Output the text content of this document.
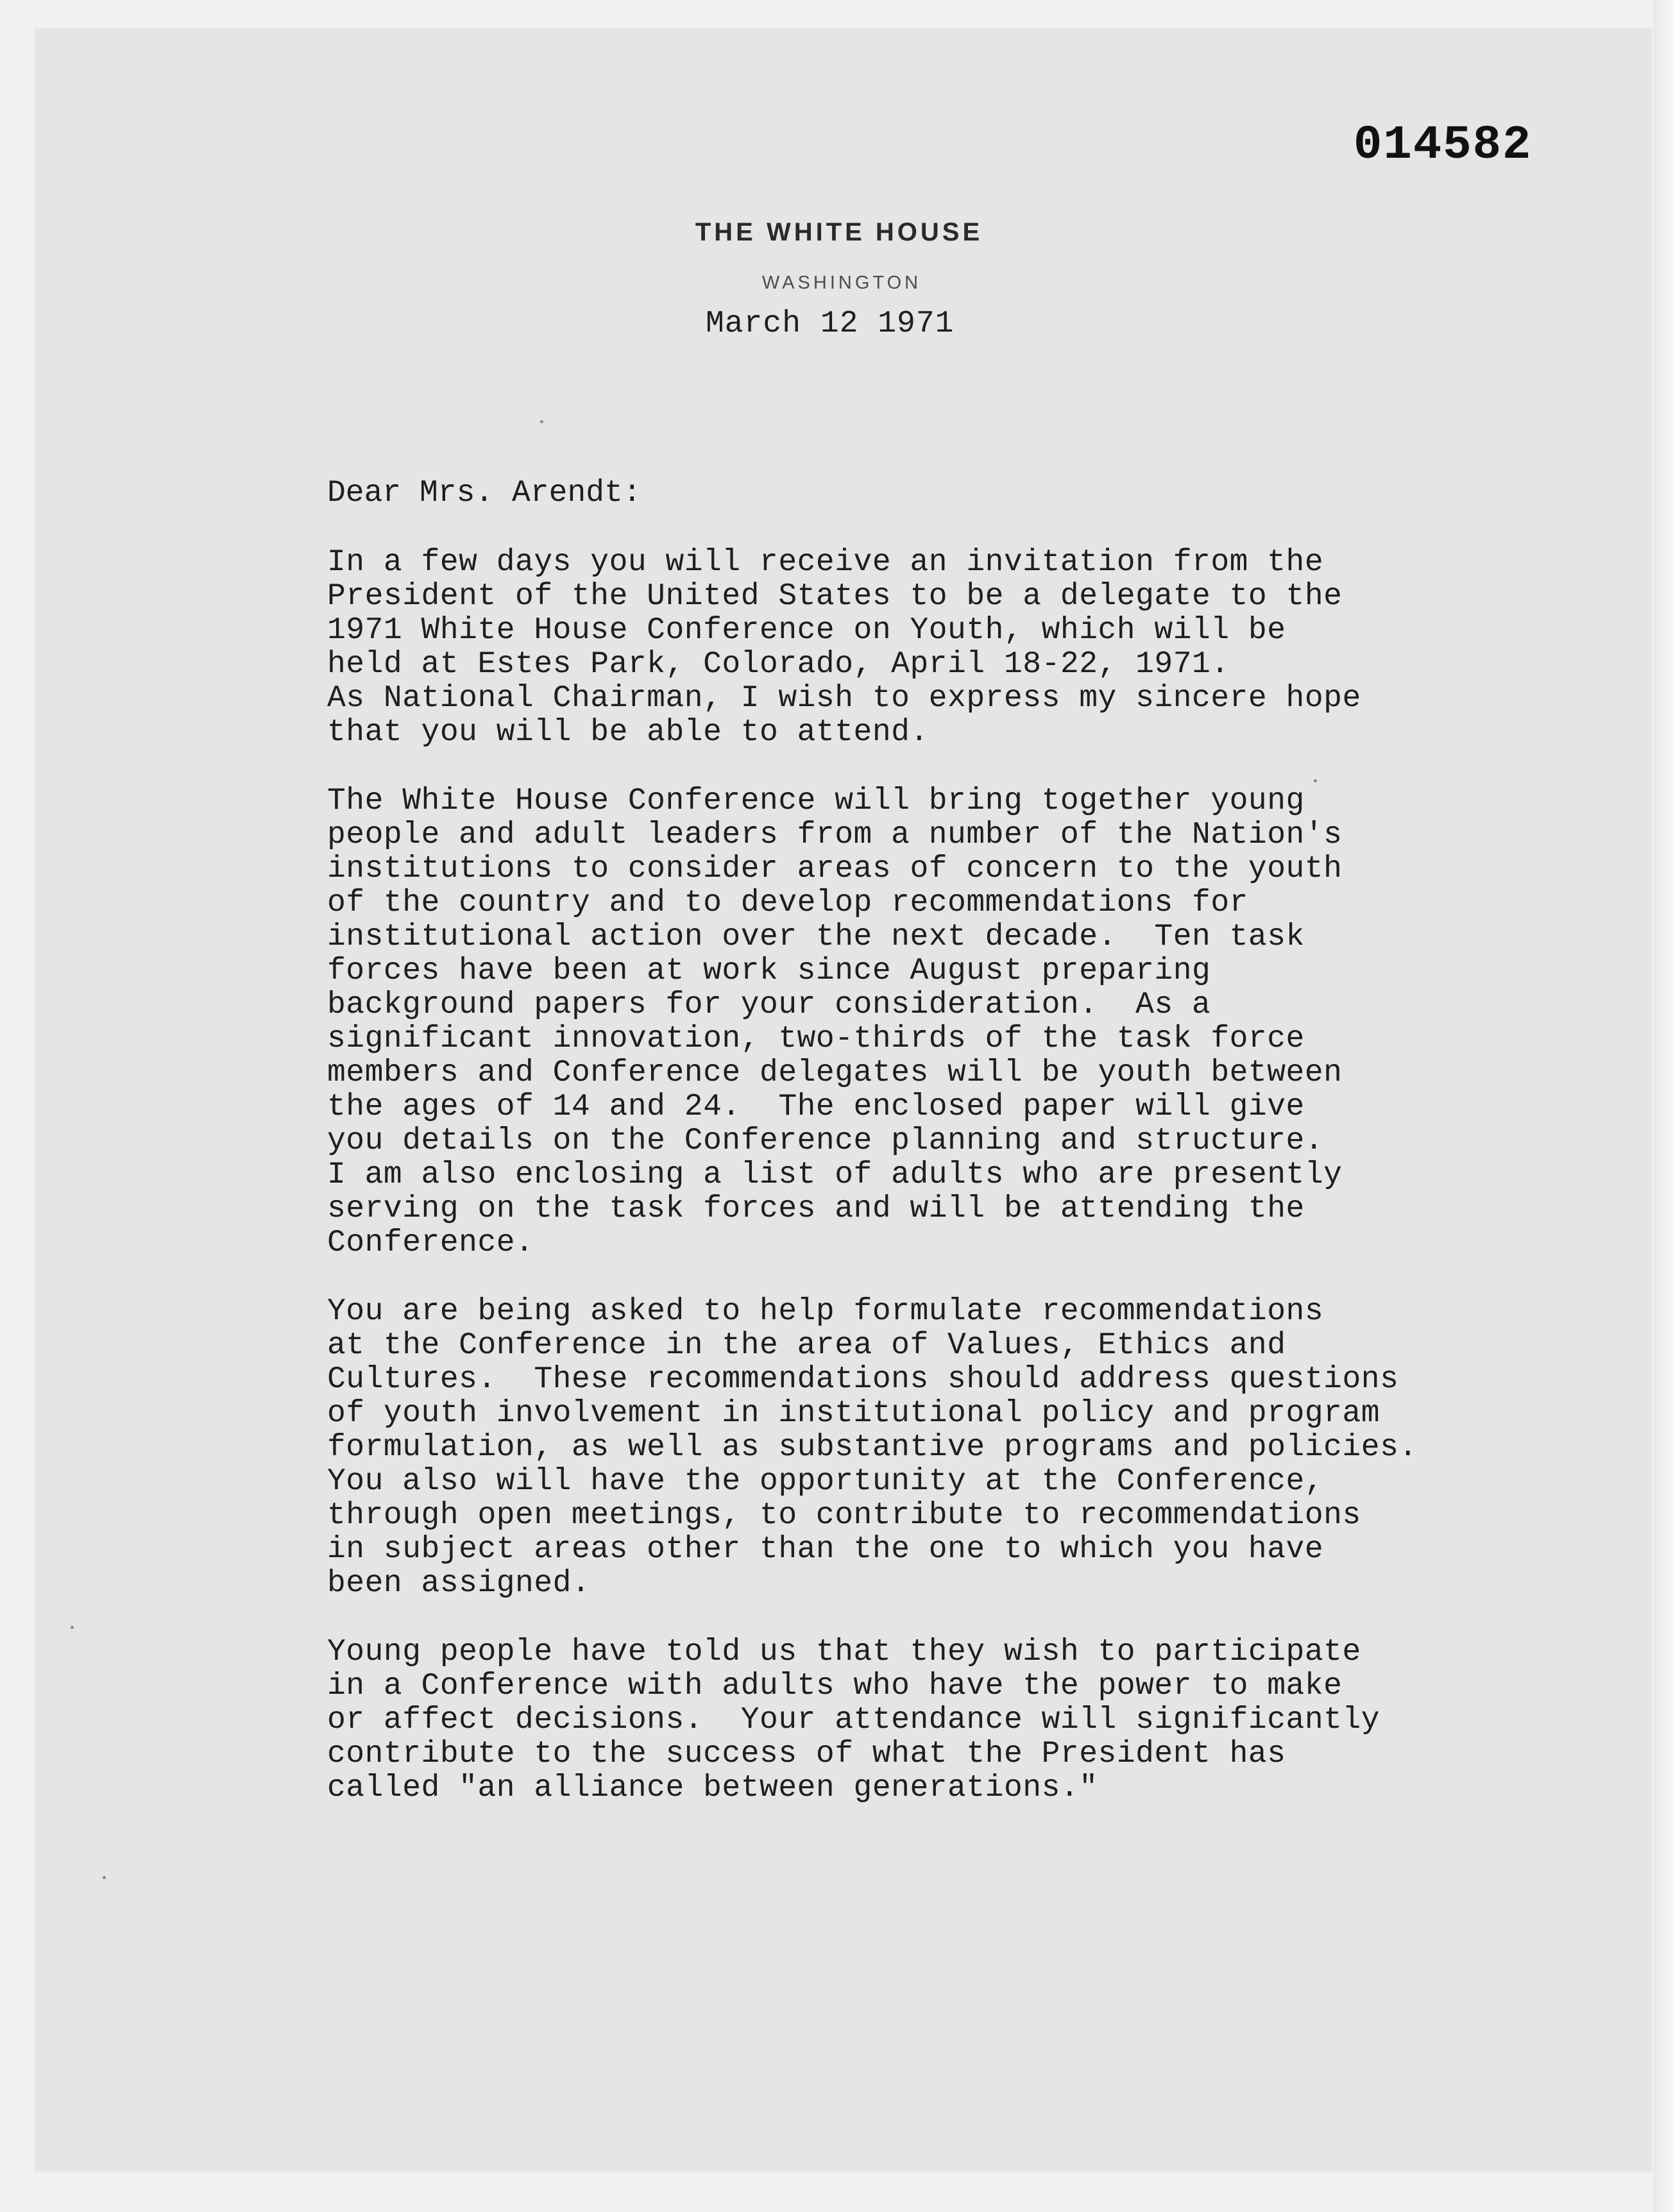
014582
THE WHITE HOUSE
WASHINGTON
March 12 1971
Dear Mrs. Arendt:
In a few days you will receive an invitation from the
President of the United States to be a delegate to the
1971 White House Conference on Youth, which will be
held at Estes Park, Colorado, April 18-22, 1971.
As National Chairman, I wish to express my sincere hope
that you will be able to attend.
The White House Conference will bring together young
people and adult leaders from a number of the Nation's
institutions to consider areas of concern to the youth
of the country and to develop recommendations for
institutional action over the next decade.  Ten task
forces have been at work since August preparing
background papers for your consideration.  As a
significant innovation, two-thirds of the task force
members and Conference delegates will be youth between
the ages of 14 and 24.  The enclosed paper will give
you details on the Conference planning and structure.
I am also enclosing a list of adults who are presently
serving on the task forces and will be attending the
Conference.
You are being asked to help formulate recommendations
at the Conference in the area of Values, Ethics and
Cultures.  These recommendations should address questions
of youth involvement in institutional policy and program
formulation, as well as substantive programs and policies.
You also will have the opportunity at the Conference,
through open meetings, to contribute to recommendations
in subject areas other than the one to which you have
been assigned.
Young people have told us that they wish to participate
in a Conference with adults who have the power to make
or affect decisions.  Your attendance will significantly
contribute to the success of what the President has
called "an alliance between generations."
